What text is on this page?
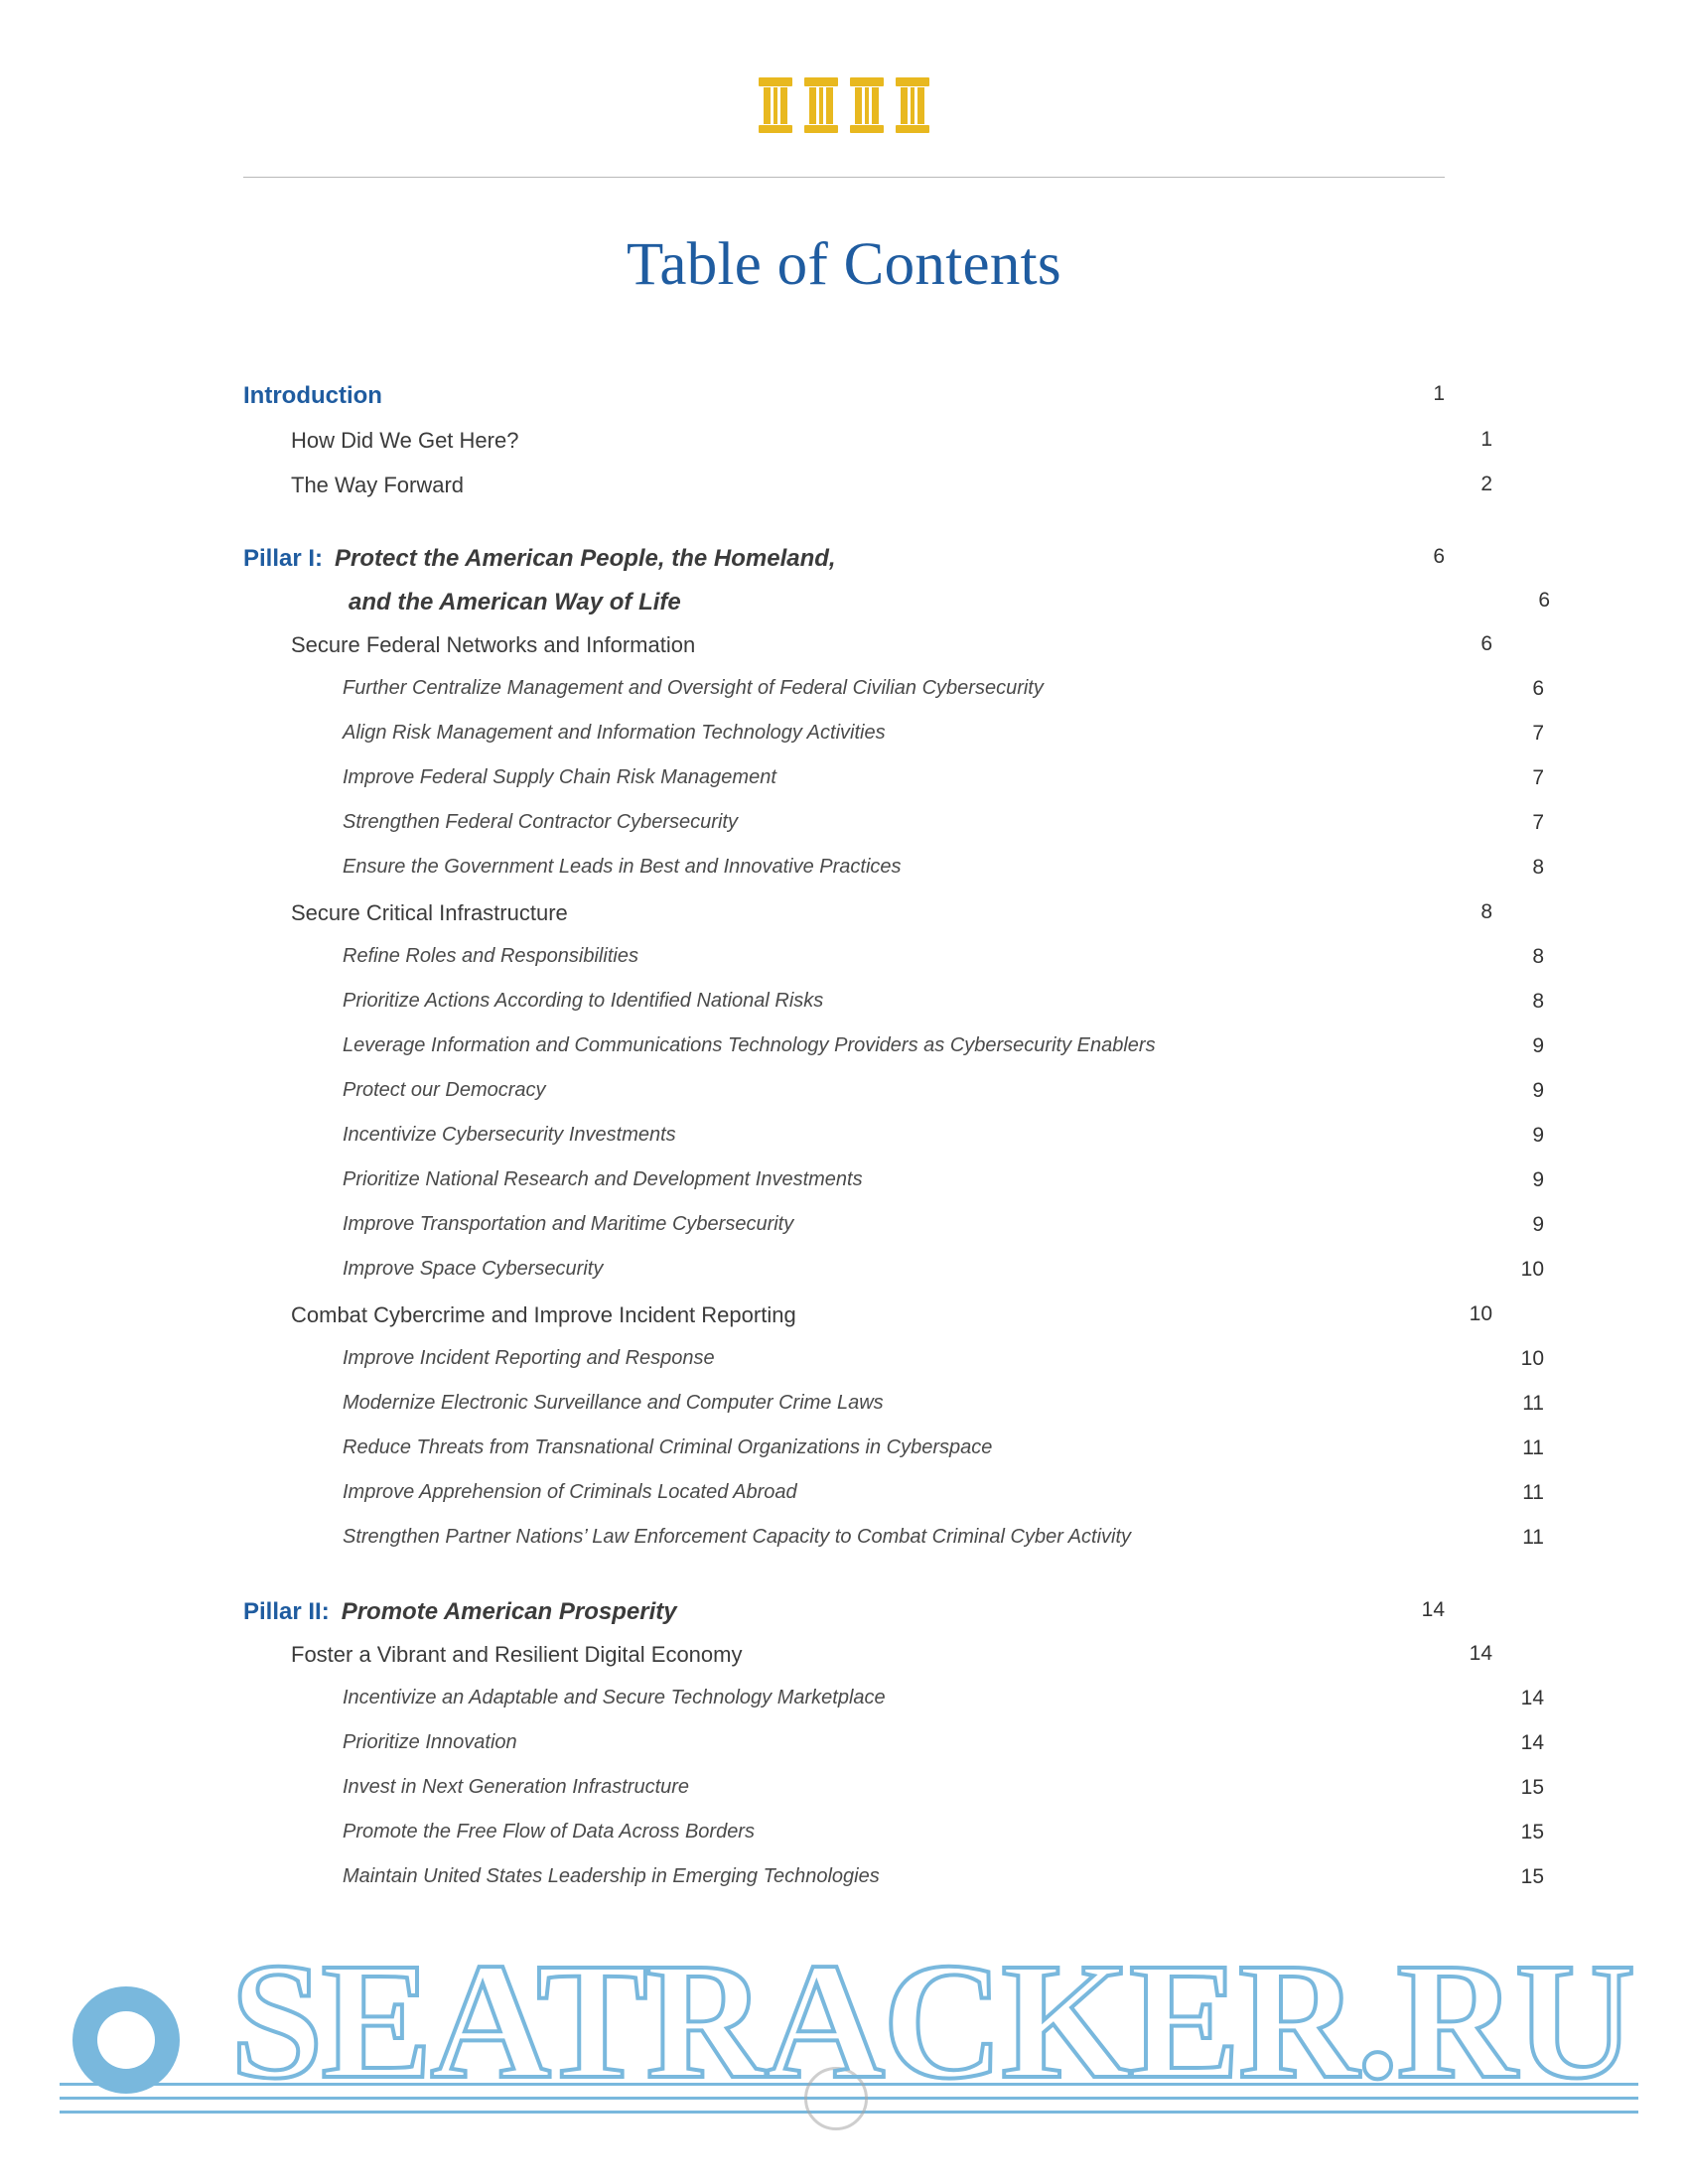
Table of Contents
Introduction	1
How Did We Get Here?	1
The Way Forward	2
Pillar I: Protect the American People, the Homeland,	6
and the American Way of Life	6
Secure Federal Networks and Information	6
Further Centralize Management and Oversight of Federal Civilian Cybersecurity	6
Align Risk Management and Information Technology Activities	7
Improve Federal Supply Chain Risk Management	7
Strengthen Federal Contractor Cybersecurity	7
Ensure the Government Leads in Best and Innovative Practices	8
Secure Critical Infrastructure	8
Refine Roles and Responsibilities	8
Prioritize Actions According to Identified National Risks	8
Leverage Information and Communications Technology Providers as Cybersecurity Enablers	9
Protect our Democracy	9
Incentivize Cybersecurity Investments	9
Prioritize National Research and Development Investments	9
Improve Transportation and Maritime Cybersecurity	9
Improve Space Cybersecurity	10
Combat Cybercrime and Improve Incident Reporting	10
Improve Incident Reporting and Response	10
Modernize Electronic Surveillance and Computer Crime Laws	11
Reduce Threats from Transnational Criminal Organizations in Cyberspace	11
Improve Apprehension of Criminals Located Abroad	11
Strengthen Partner Nations’ Law Enforcement Capacity to Combat Criminal Cyber Activity	11
Pillar II: Promote American Prosperity	14
Foster a Vibrant and Resilient Digital Economy	14
Incentivize an Adaptable and Secure Technology Marketplace	14
Prioritize Innovation	14
Invest in Next Generation Infrastructure	15
Promote the Free Flow of Data Across Borders	15
Maintain United States Leadership in Emerging Technologies	15
SEATRACKER.RU
